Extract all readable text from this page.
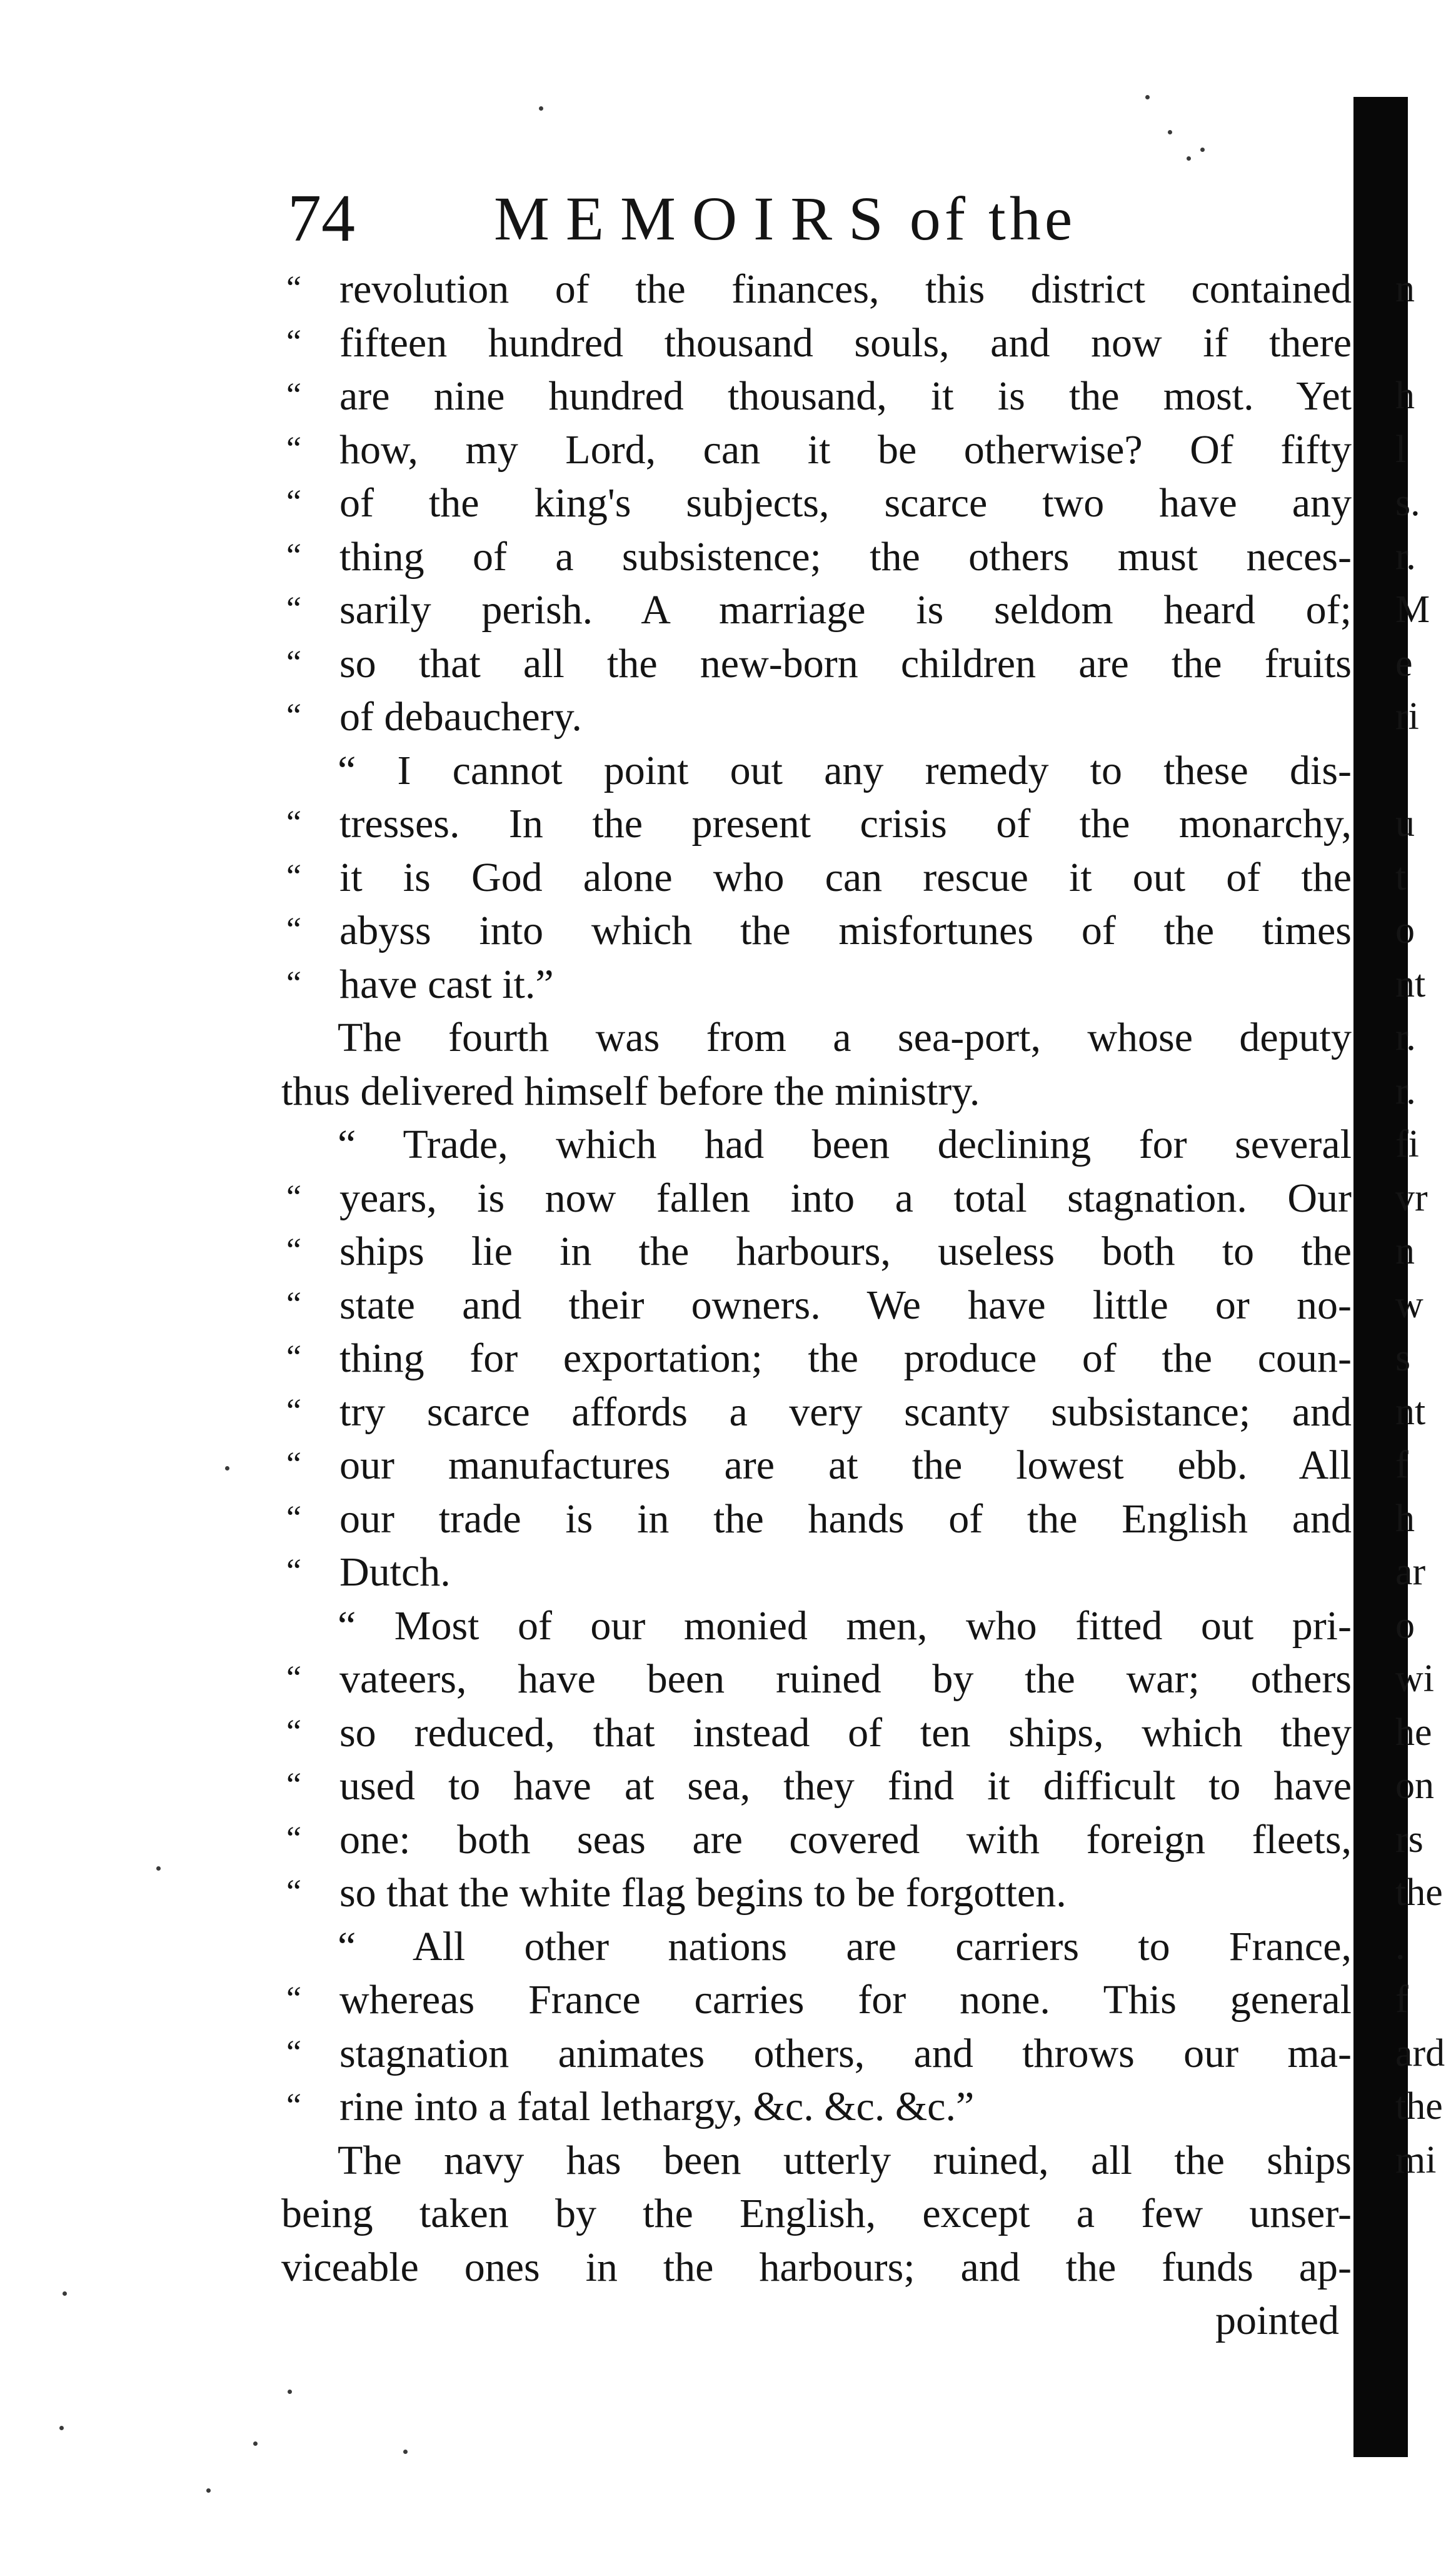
74 MEMOIRS of the
“ revolution of the finances, this district contained
“ fifteen hundred thousand souls, and now if there
“ are nine hundred thousand, it is the most. Yet
“ how, my Lord, can it be otherwise? Of fifty
“ of the king's subjects, scarce two have any
“ thing of a subsistence; the others must neces-
“ sarily perish. A marriage is seldom heard of;
“ so that all the new-born children are the fruits
“ of debauchery.
“ I cannot point out any remedy to these dis-
“ tresses. In the present crisis of the monarchy,
“ it is God alone who can rescue it out of the
“ abyss into which the misfortunes of the times
“ have cast it.”
The fourth was from a sea-port, whose deputy
thus delivered himself before the ministry.
“ Trade, which had been declining for several
“ years, is now fallen into a total stagnation. Our
“ ships lie in the harbours, useless both to the
“ state and their owners. We have little or no-
“ thing for exportation; the produce of the coun-
“ try scarce affords a very scanty subsistance; and
“ our manufactures are at the lowest ebb. All
“ our trade is in the hands of the English and
“ Dutch.
“ Most of our monied men, who fitted out pri-
“ vateers, have been ruined by the war; others
“ so reduced, that instead of ten ships, which they
“ used to have at sea, they find it difficult to have
“ one: both seas are covered with foreign fleets,
“ so that the white flag begins to be forgotten.
“ All other nations are carriers to France,
“ whereas France carries for none. This general
“ stagnation animates others, and throws our ma-
“ rine into a fatal lethargy, &c. &c. &c.”
The navy has been utterly ruined, all the ships
being taken by the English, except a few unser-
viceable ones in the harbours; and the funds ap-
pointed
n
h
l
s.
r.
M
e
ri
u
t
o
nt
r.
r.
fi
vr
n
w
s
nt
f
h
ar
o
wi
he
on
rs
the
.
f
ard
the
mi
